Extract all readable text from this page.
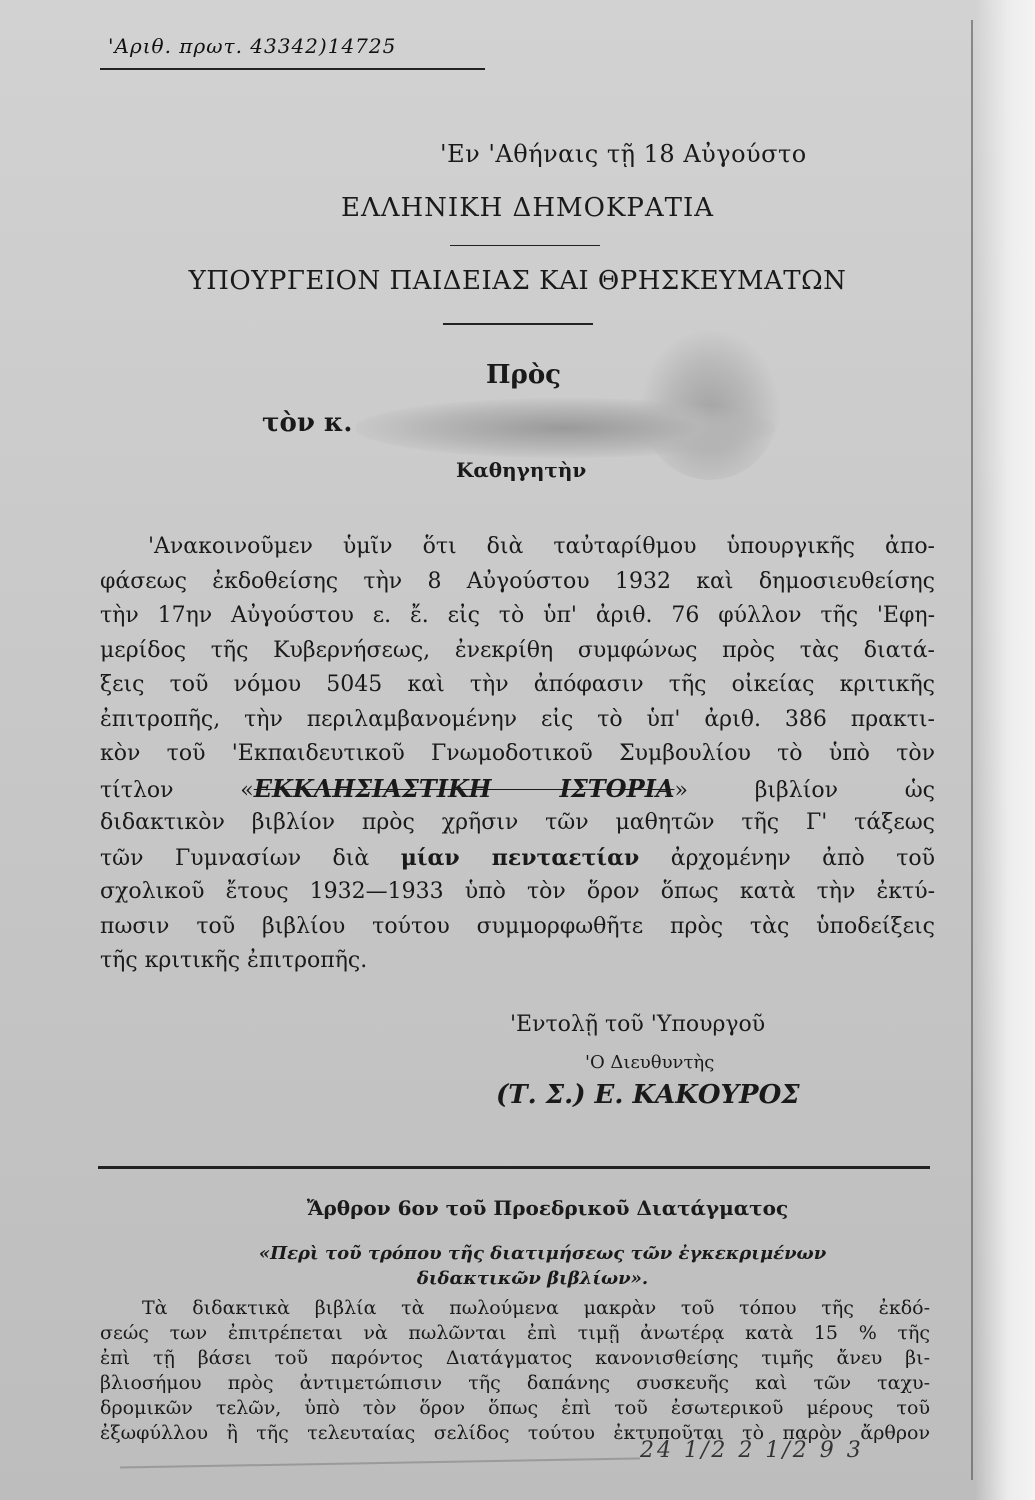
'Αριθ. πρωτ. 43342)14725
'Εν 'Αθήναις τῇ 18 Αὐγούστο
ΕΛΛΗΝΙΚΗ ΔΗΜΟΚΡΑΤΙΑ
ΥΠΟΥΡΓΕΙΟΝ ΠΑΙΔΕΙΑΣ ΚΑΙ ΘΡΗΣΚΕΥΜΑΤΩΝ
Πρὸς
τὸν κ.
Καθηγητὴν
'Ανακοινοῦμεν ὑμῖν ὅτι διὰ ταὐταρίθμου ὑπουργικῆς ἀπο-
φάσεως ἐκδοθείσης τὴν 8 Αὐγούστου 1932 καὶ δημοσιευθείσης
τὴν 17ην Αὐγούστου ε. ἔ. εἰς τὸ ὑπ' ἀριθ. 76 φύλλον τῆς 'Εφη-
μερίδος τῆς Κυβερνήσεως, ἐνεκρίθη συμφώνως πρὸς τὰς διατά-
ξεις τοῦ νόμου 5045 καὶ τὴν ἀπόφασιν τῆς οἰκείας κριτικῆς
ἐπιτροπῆς, τὴν περιλαμβανομένην εἰς τὸ ὑπ' ἀριθ. 386 πρακτι-
κὸν τοῦ 'Εκπαιδευτικοῦ Γνωμοδοτικοῦ Συμβουλίου τὸ ὑπὸ τὸν
τίτλον «ΕΚΚΛΗΣΙΑΣΤΙΚΗ ΙΣΤΟΡΙΑ» βιβλίον ὡς
διδακτικὸν βιβλίον πρὸς χρῆσιν τῶν μαθητῶν τῆς Γ' τάξεως
τῶν Γυμνασίων διὰ μίαν πενταετίαν ἀρχομένην ἀπὸ τοῦ
σχολικοῦ ἔτους 1932—1933 ὑπὸ τὸν ὅρον ὅπως κατὰ τὴν ἐκτύ-
πωσιν τοῦ βιβλίου τούτου συμμορφωθῆτε πρὸς τὰς ὑποδείξεις
τῆς κριτικῆς ἐπιτροπῆς.
'Εντολῇ τοῦ 'Υπουργοῦ
'Ο Διευθυντὴς
(Τ. Σ.) Ε. ΚΑΚΟΥΡΟΣ
Ἄρθρον 6ον τοῦ Προεδρικοῦ Διατάγματος
«Περὶ τοῦ τρόπου τῆς διατιμήσεως τῶν ἐγκεκριμένων
διδακτικῶν βιβλίων».
Τὰ διδακτικὰ βιβλία τὰ πωλούμενα μακρὰν τοῦ τόπου τῆς ἐκδό-
σεώς των ἐπιτρέπεται νὰ πωλῶνται ἐπὶ τιμῇ ἀνωτέρᾳ κατὰ 15 % τῆς
ἐπὶ τῇ βάσει τοῦ παρόντος Διατάγματος κανονισθείσης τιμῆς ἄνευ βι-
βλιοσήμου πρὸς ἀντιμετώπισιν τῆς δαπάνης συσκευῆς καὶ τῶν ταχυ-
δρομικῶν τελῶν, ὑπὸ τὸν ὅρον ὅπως ἐπὶ τοῦ ἐσωτερικοῦ μέρους τοῦ
ἐξωφύλλου ἢ τῆς τελευταίας σελίδος τούτου ἐκτυποῦται τὸ παρὸν ἄρθρον
24 1/2 2 1/2 9 3
